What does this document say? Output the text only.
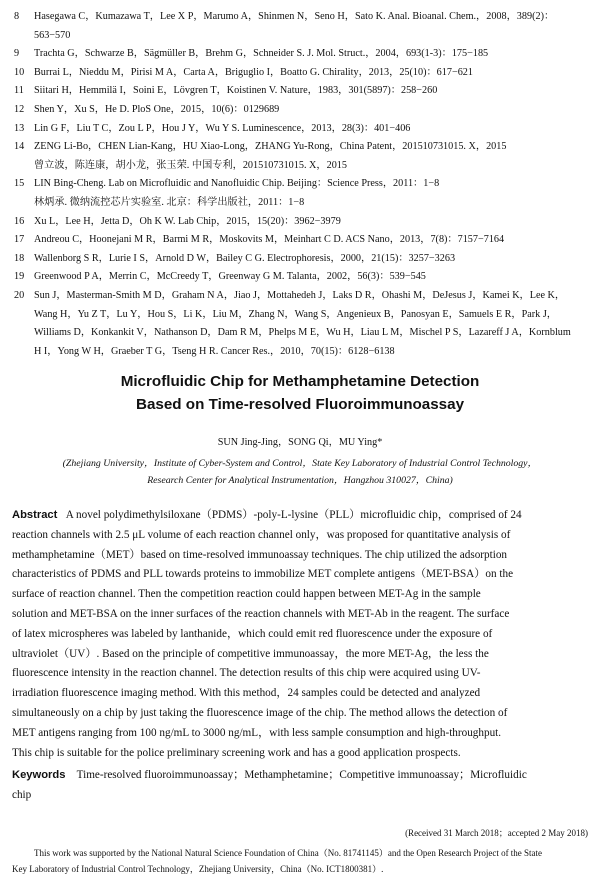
8	Hasegawa C，Kumazawa T，Lee X P，Marumo A，Shinmen N，Seno H，Sato K. Anal. Bioanal. Chem.，2008，389(2)：
563−570
9	Trachta G，Schwarze B，Sägmüller B，Brehm G，Schneider S. J. Mol. Struct.，2004，693(1-3)：175−185
10 Burrai L，Nieddu M，Pirisi M A，Carta A，Briguglio I，Boatto G. Chirality，2013，25(10)：617−621
11 Siitari H，Hemmilä I，Soini E，Lövgren T，Koistinen V. Nature，1983，301(5897)：258−260
12 Shen Y，Xu S，He D. PloS One，2015，10(6)：0129689
13 Lin G F，Liu T C，Zou L P，Hou J Y，Wu Y S. Luminescence，2013，28(3)：401−406
14 ZENG Li-Bo，CHEN Lian-Kang，HU Xiao-Long，ZHANG Yu-Rong，China Patent，201510731015. X，2015
曾立波，陈连康，胡小龙，张玉荣. 中国专利，201510731015. X，2015
15 LIN Bing-Cheng. Lab on Microfluidic and Nanofluidic Chip. Beijing：Science Press，2011：1−8
林炳承. 微纳流控芯片实验室. 北京：科学出版社，2011：1−8
16 Xu L，Lee H，Jetta D，Oh K W. Lab Chip，2015，15(20)：3962−3979
17 Andreou C，Hoonejani M R，Barmi M R，Moskovits M，Meinhart C D. ACS Nano，2013，7(8)：7157−7164
18 Wallenborg S R，Lurie I S，Arnold D W，Bailey C G. Electrophoresis，2000，21(15)：3257−3263
19 Greenwood P A，Merrin C，McCreedy T，Greenway G M. Talanta，2002，56(3)：539−545
20 Sun J，Masterman-Smith M D，Graham N A，Jiao J，Mottahedeh J，Laks D R，Ohashi M，DeJesus J，Kamei K，Lee K，
Wang H，Yu Z T，Lu Y，Hou S，Li K，Liu M，Zhang N，Wang S，Angenieux B，Panosyan E，Samuels E R，Park J，
Williams D，Konkankit V，Nathanson D，Dam R M，Phelps M E，Wu H，Liau L M，Mischel P S，Lazareff J A，Kornblum
H I，Yong W H，Graeber T G，Tseng H R. Cancer Res.，2010，70(15)：6128−6138
Microfluidic Chip for Methamphetamine Detection
Based on Time-resolved Fluoroimmunoassay
SUN Jing-Jing，SONG Qi，MU Ying*
(Zhejiang University，Institute of Cyber-System and Control，State Key Laboratory of Industrial Control Technology，
Research Center for Analytical Instrumentation，Hangzhou 310027，China)
Abstract A novel polydimethylsiloxane（PDMS）-poly-L-lysine（PLL）microfluidic chip，comprised of 24
reaction channels with 2.5 μL volume of each reaction channel only，was proposed for quantitative analysis of
methamphetamine（MET）based on time-resolved immunoassay techniques. The chip utilized the adsorption
characteristics of PDMS and PLL towards proteins to immobilize MET complete antigens（MET-BSA）on the
surface of reaction channel. Then the competition reaction could happen between MET-Ag in the sample
solution and MET-BSA on the inner surfaces of the reaction channels with MET-Ab in the reagent. The surface
of latex microspheres was labeled by lanthanide，which could emit red fluorescence under the exposure of
ultraviolet（UV）. Based on the principle of competitive immunoassay，the more MET-Ag，the less the
fluorescence intensity in the reaction channel. The detection results of this chip were acquired using UV-
irradiation fluorescence imaging method. With this method，24 samples could be detected and analyzed
simultaneously on a chip by just taking the fluorescence image of the chip. The method allows the detection of
MET antigens ranging from 100 ng/mL to 3000 ng/mL，with less sample consumption and high-throughput.
This chip is suitable for the police preliminary screening work and has a good application prospects.
Keywords Time-resolved fluoroimmunoassay；Methamphetamine；Competitive immunoassay；Microfluidic
chip
(Received 31 March 2018；accepted 2 May 2018)
This work was supported by the National Natural Science Foundation of China（No. 81741145）and the Open Research Project of the State
Key Laboratory of Industrial Control Technology，Zhejiang University，China（No. ICT1800381）.
